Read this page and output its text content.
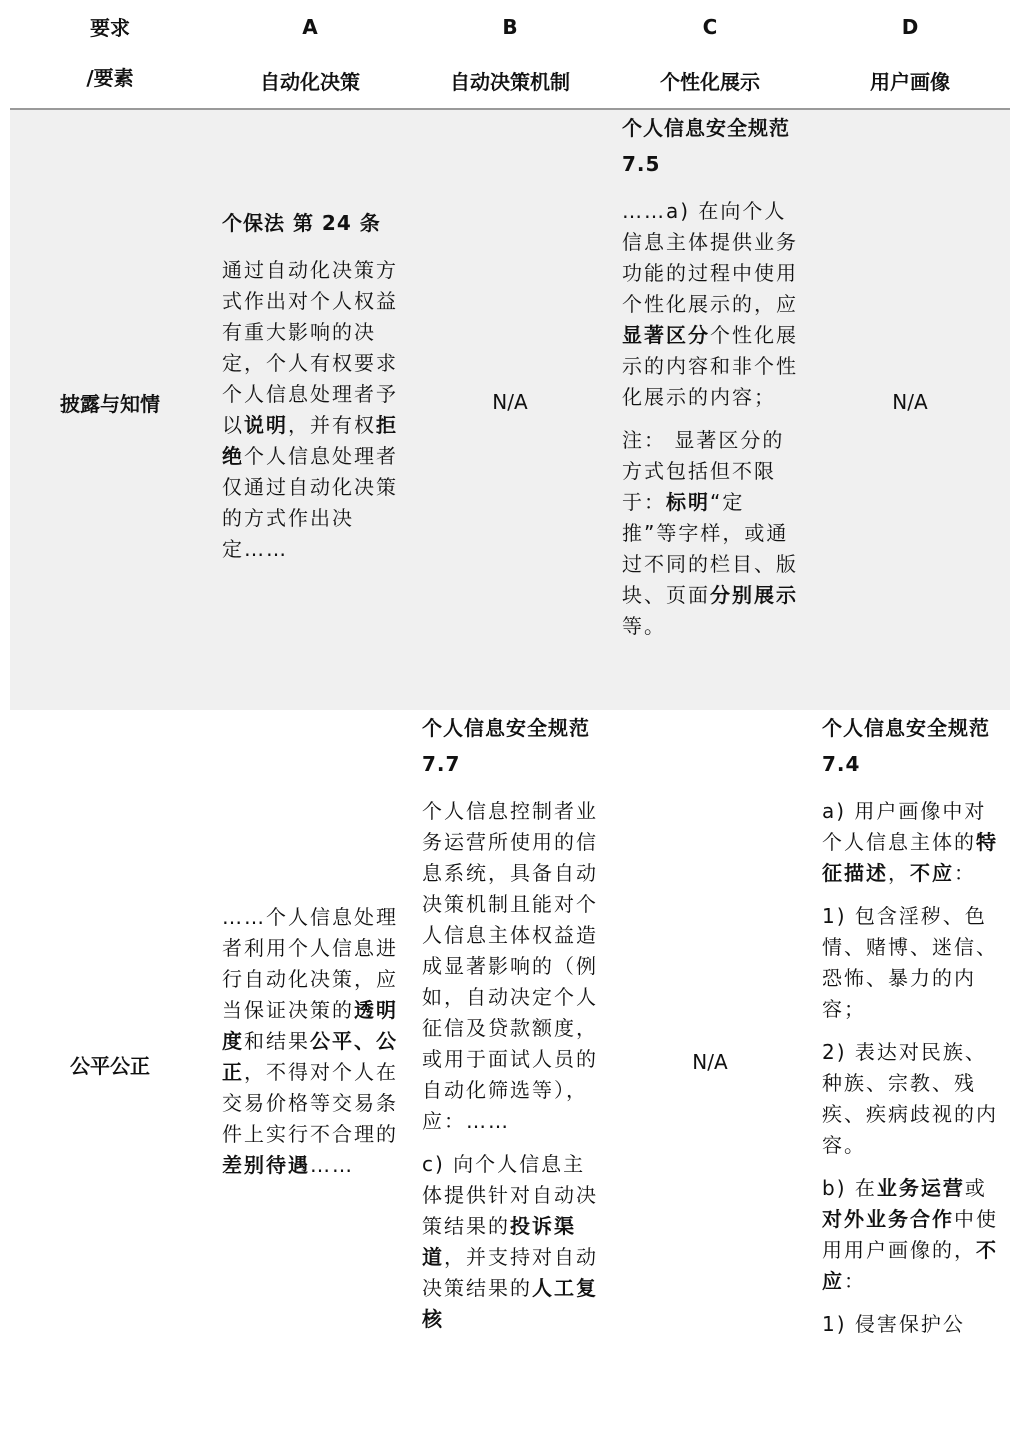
要求
/要素
A
自动化决策
B
自动决策机制
C
个性化展示
D
用户画像
披露与知情
个保法 第 24 条

通过自动化决策方式作出对个人权益有重大影响的决定，个人有权要求个人信息处理者予以说明，并有权拒绝个人信息处理者仅通过自动化决策的方式作出决定……

N/A
个人信息安全规范 7.5

……a) 在向个人信息主体提供业务功能的过程中使用个性化展示的，应显著区分个性化展示的内容和非个性化展示的内容；

注： 显著区分的方式包括但不限于：标明“定推”等字样，或通过不同的栏目、版块、页面分别展示等。

N/A
公平公正

……个人信息处理者利用个人信息进行自动化决策，应当保证决策的透明度和结果公平、公正，不得对个人在交易价格等交易条件上实行不合理的差别待遇……

个人信息安全规范 7.7

个人信息控制者业务运营所使用的信息系统，具备自动决策机制且能对个人信息主体权益造成显著影响的（例如，自动决定个人征信及贷款额度，或用于面试人员的自动化筛选等），应：……

c) 向个人信息主体提供针对自动决策结果的投诉渠道，并支持对自动决策结果的人工复核

N/A
个人信息安全规范 7.4

a) 用户画像中对个人信息主体的特征描述，不应：

1) 包含淫秽、色情、赌博、迷信、恐怖、暴力的内容；

2) 表达对民族、种族、宗教、残疾、疾病歧视的内容。

b) 在业务运营或对外业务合作中使用用户画像的，不应：

1) 侵害保护公
